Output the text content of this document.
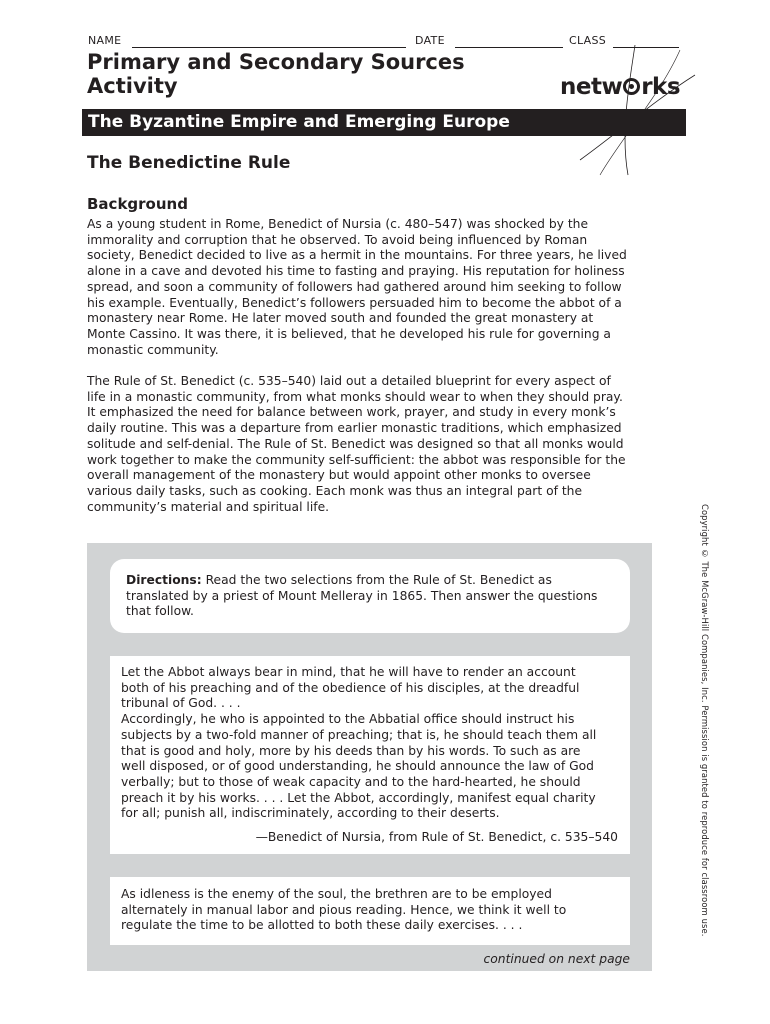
NAME	DATE	CLASS
Primary and Secondary Sources
Activity	netw rks
The Byzantine Empire and Emerging Europe
The Benedictine Rule
Background

As a young student in Rome, Benedict of Nursia (c. 480–547) was shocked by the
immorality and corruption that he observed. To avoid being influenced by Roman
society, Benedict decided to live as a hermit in the mountains. For three years, he lived
alone in a cave and devoted his time to fasting and praying. His reputation for holiness
spread, and soon a community of followers had gathered around him seeking to follow
his example. Eventually, Benedict’s followers persuaded him to become the abbot of a
monastery near Rome. He later moved south and founded the great monastery at
Monte Cassino. It was there, it is believed, that he developed his rule for governing a
monastic community.

The Rule of St. Benedict (c. 535–540) laid out a detailed blueprint for every aspect of
life in a monastic community, from what monks should wear to when they should pray.
It emphasized the need for balance between work, prayer, and study in every monk’s
daily routine. This was a departure from earlier monastic traditions, which emphasized
solitude and self-denial. The Rule of St. Benedict was designed so that all monks would
work together to make the community self-sufficient: the abbot was responsible for the
overall management of the monastery but would appoint other monks to oversee
various daily tasks, such as cooking. Each monk was thus an integral part of the
community’s material and spiritual life.	Copyright © The McGraw-Hill Companies, Inc. Permission is granted to reproduce for classroom use.
Directions: Read the two selections from the Rule of St. Benedict as
translated by a priest of Mount Melleray in 1865. Then answer the questions
that follow.
Let the Abbot always bear in mind, that he will have to render an account
both of his preaching and of the obedience of his disciples, at the dreadful
tribunal of God. . . .
Accordingly, he who is appointed to the Abbatial office should instruct his
subjects by a two-fold manner of preaching; that is, he should teach them all
that is good and holy, more by his deeds than by his words. To such as are
well disposed, or of good understanding, he should announce the law of God
verbally; but to those of weak capacity and to the hard-hearted, he should
preach it by his works. . . . Let the Abbot, accordingly, manifest equal charity
for all; punish all, indiscriminately, according to their deserts.
—Benedict of Nursia, from Rule of St. Benedict, c. 535–540
As idleness is the enemy of the soul, the brethren are to be employed
alternately in manual labor and pious reading. Hence, we think it well to
regulate the time to be allotted to both these daily exercises. . . .
continued on next page
